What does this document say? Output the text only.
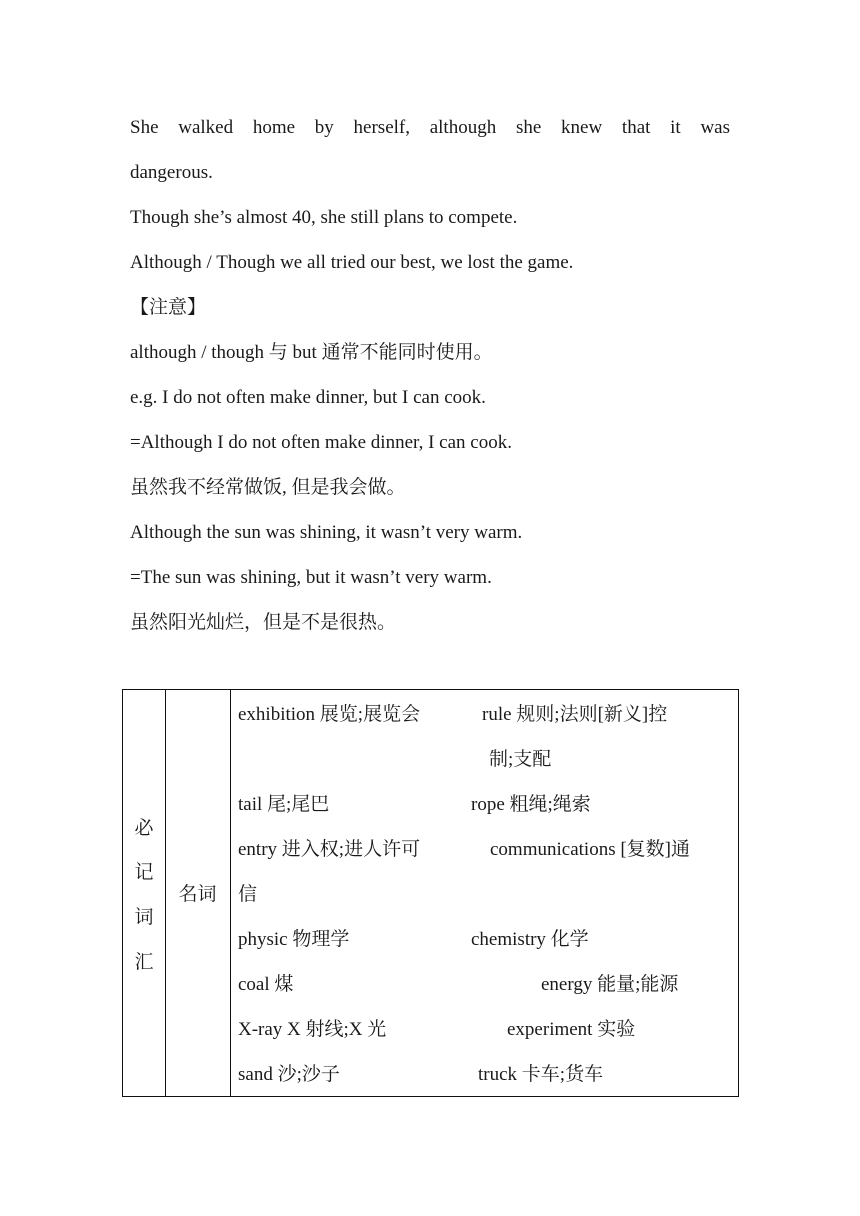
She walked home by herself, although she knew that it was
dangerous.
Though she’s almost 40, she still plans to compete.
Although / Though we all tried our best, we lost the game.
【注意】
although / though 与 but 通常不能同时使用。
e.g. I do not often make dinner, but I can cook.
=Although I do not often make dinner, I can cook.
虽然我不经常做饭, 但是我会做。
Although the sun was shining, it wasn’t very warm.
=The sun was shining, but it wasn’t very warm.
虽然阳光灿烂，但是不是很热。
必
记
词
汇
名词
exhibition 展览;展览会	rule 规则;法则[新义]控
制;支配
tail 尾;尾巴	rope 粗绳;绳索
entry 进入权;进人许可	communications [复数]通
信
physic 物理学	chemistry 化学
coal 煤	energy 能量;能源
X-ray X 射线;X 光	experiment 实验
sand 沙;沙子	truck 卡车;货车
